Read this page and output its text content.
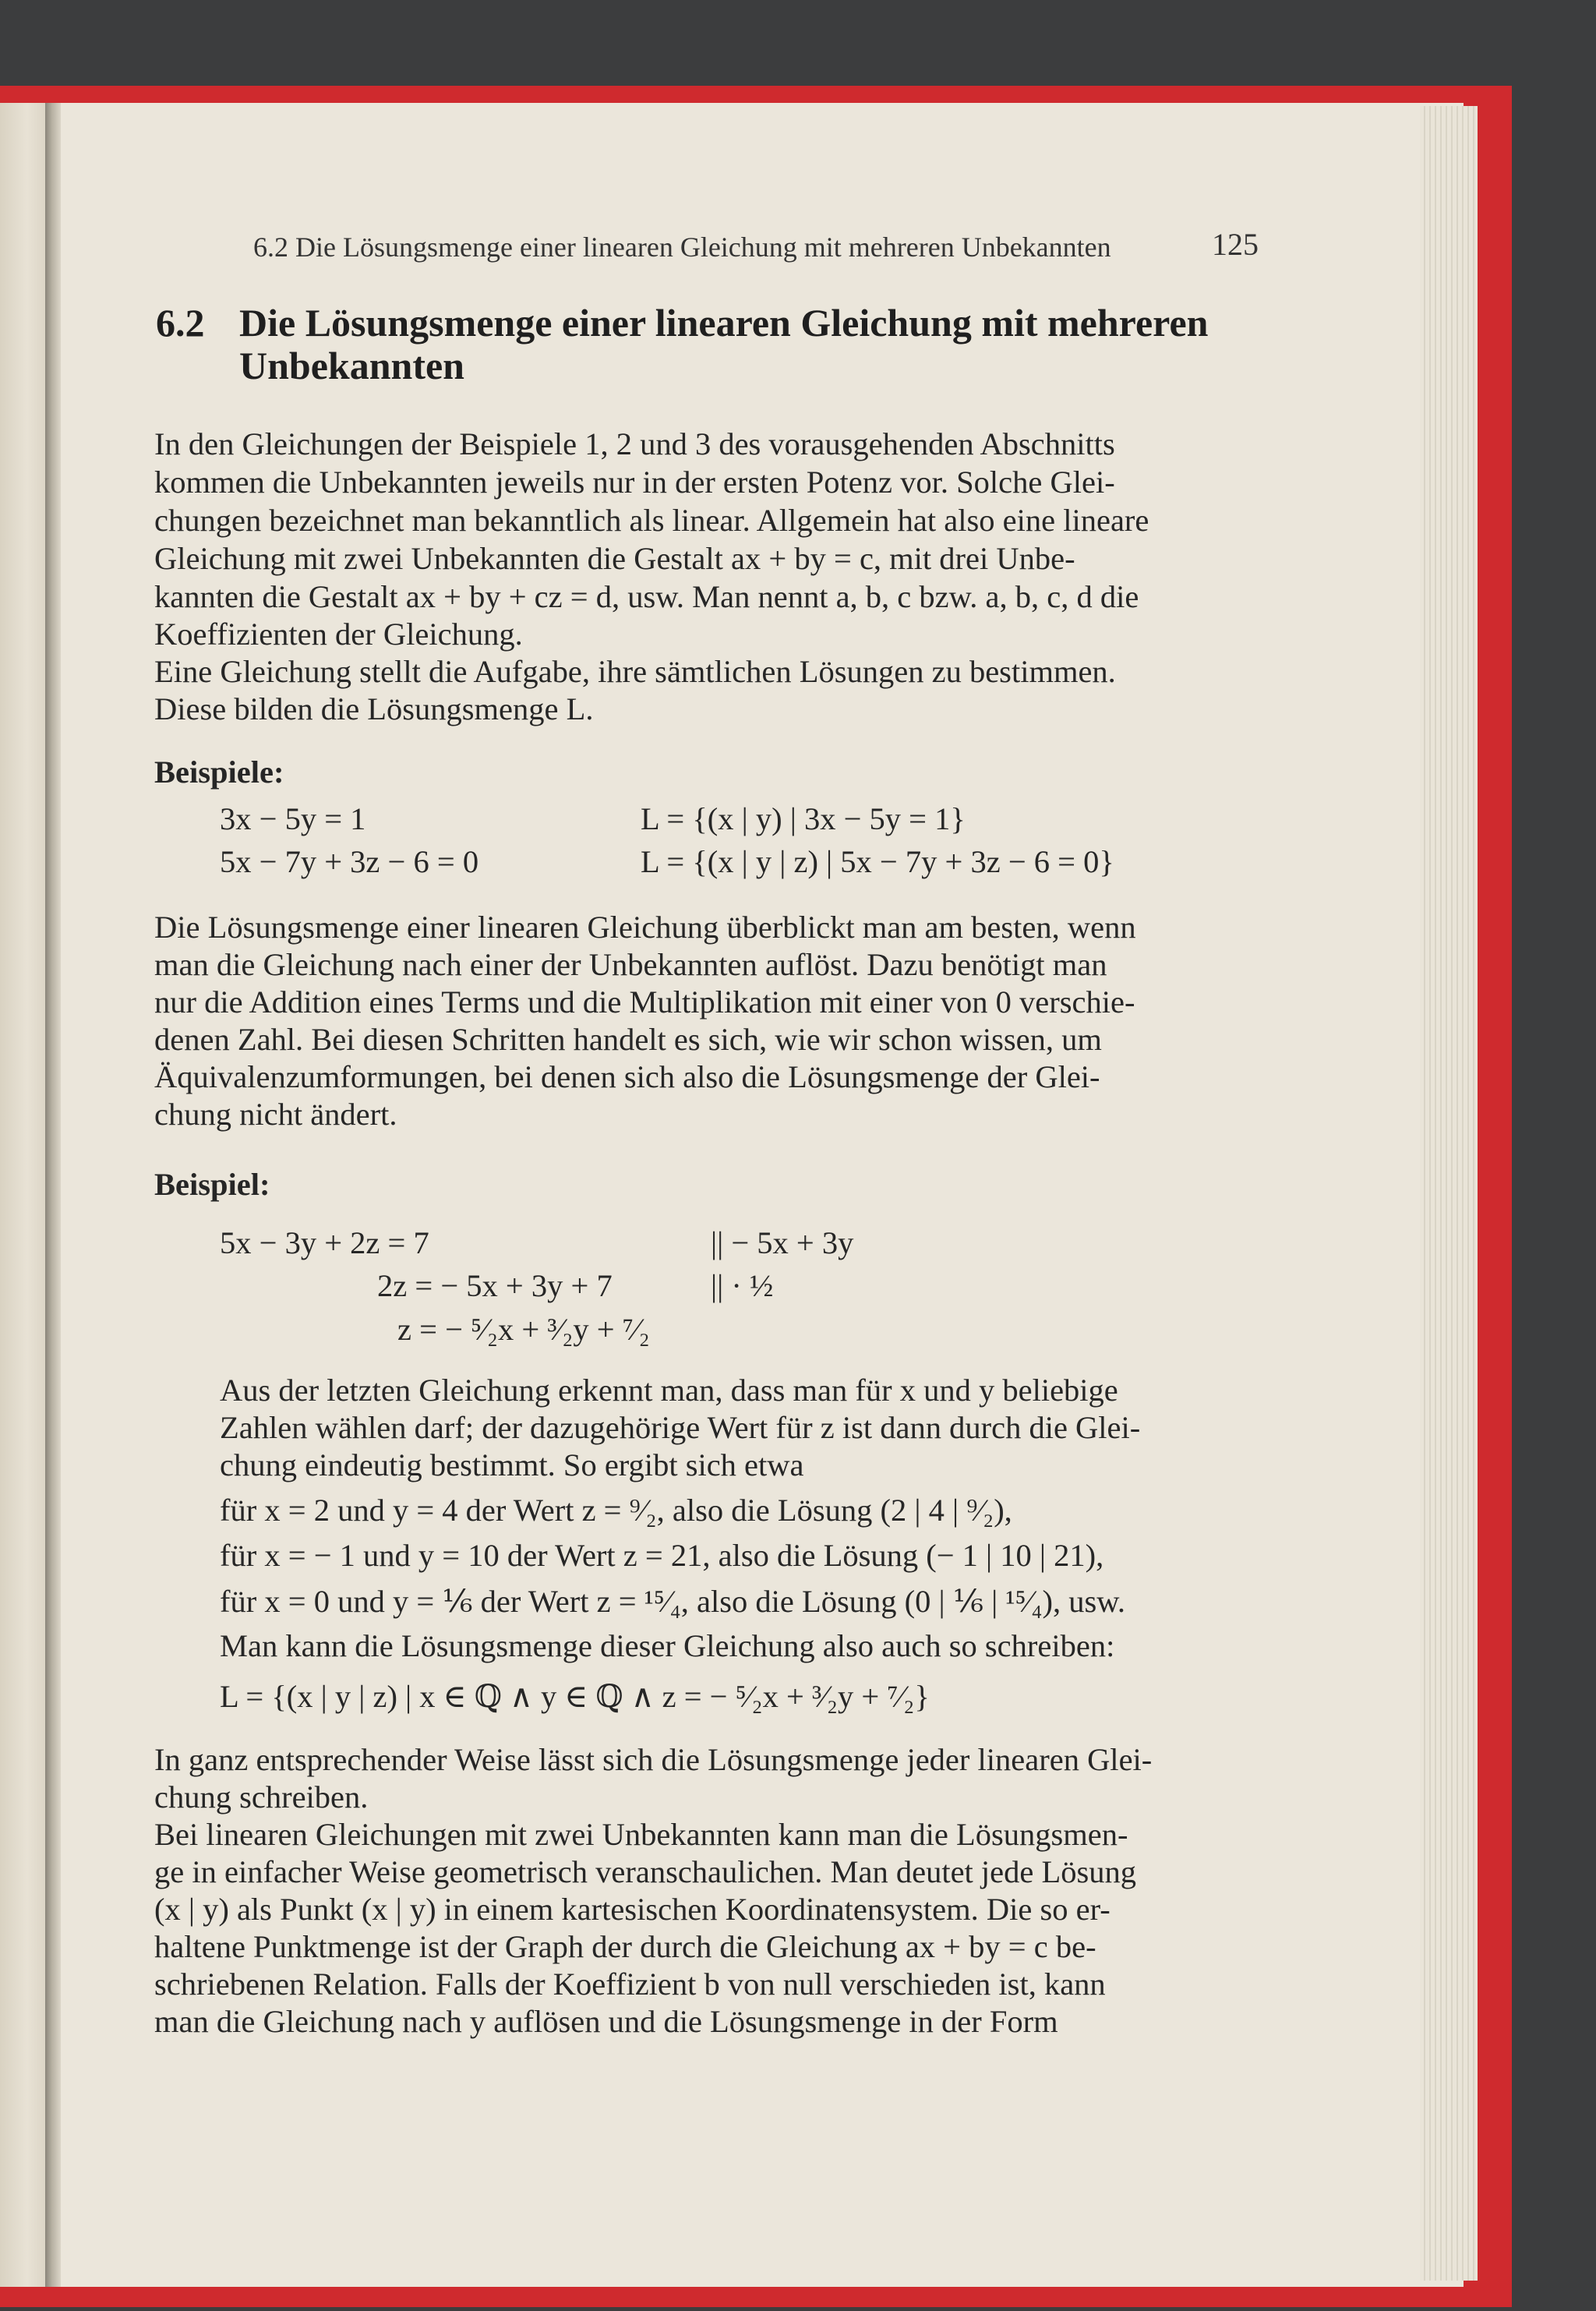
6.2 Die Lösungsmenge einer linearen Gleichung mit mehreren Unbekannten	125
6.2 Die Lösungsmenge einer linearen Gleichung mit mehreren
Unbekannten
In den Gleichungen der Beispiele 1, 2 und 3 des vorausgehenden Abschnitts
kommen die Unbekannten jeweils nur in der ersten Potenz vor. Solche Glei-
chungen bezeichnet man bekanntlich als linear. Allgemein hat also eine lineare
Gleichung mit zwei Unbekannten die Gestalt ax + by = c, mit drei Unbe-
kannten die Gestalt ax + by + cz = d, usw. Man nennt a, b, c bzw. a, b, c, d die
Koeffizienten der Gleichung.
Eine Gleichung stellt die Aufgabe, ihre sämtlichen Lösungen zu bestimmen.
Diese bilden die Lösungsmenge L.
Beispiele:
3x − 5y = 1	L = {(x | y) | 3x − 5y = 1}
5x − 7y + 3z − 6 = 0	L = {(x | y | z) | 5x − 7y + 3z − 6 = 0}
Die Lösungsmenge einer linearen Gleichung überblickt man am besten, wenn
man die Gleichung nach einer der Unbekannten auflöst. Dazu benötigt man
nur die Addition eines Terms und die Multiplikation mit einer von 0 verschie-
denen Zahl. Bei diesen Schritten handelt es sich, wie wir schon wissen, um
Äquivalenzumformungen, bei denen sich also die Lösungsmenge der Glei-
chung nicht ändert.
Beispiel:
5x − 3y + 2z = 7	|| − 5x + 3y
2z = − 5x + 3y + 7	|| · ½
z = − ⁵⁄₂x + ³⁄₂y + ⁷⁄₂
Aus der letzten Gleichung erkennt man, dass man für x und y beliebige
Zahlen wählen darf; der dazugehörige Wert für z ist dann durch die Glei-
chung eindeutig bestimmt. So ergibt sich etwa
für x = 2 und y = 4 der Wert z = ⁹⁄₂, also die Lösung (2 | 4 | ⁹⁄₂),
für x = − 1 und y = 10 der Wert z = 21, also die Lösung (− 1 | 10 | 21),
für x = 0 und y = ⅙ der Wert z = ¹⁵⁄₄, also die Lösung (0 | ⅙ | ¹⁵⁄₄), usw.
Man kann die Lösungsmenge dieser Gleichung also auch so schreiben:
L = {(x | y | z) | x ∈ ℚ ∧ y ∈ ℚ ∧ z = − ⁵⁄₂x + ³⁄₂y + ⁷⁄₂}
In ganz entsprechender Weise lässt sich die Lösungsmenge jeder linearen Glei-
chung schreiben.
Bei linearen Gleichungen mit zwei Unbekannten kann man die Lösungsmen-
ge in einfacher Weise geometrisch veranschaulichen. Man deutet jede Lösung
(x | y) als Punkt (x | y) in einem kartesischen Koordinatensystem. Die so er-
haltene Punktmenge ist der Graph der durch die Gleichung ax + by = c be-
schriebenen Relation. Falls der Koeffizient b von null verschieden ist, kann
man die Gleichung nach y auflösen und die Lösungsmenge in der Form
